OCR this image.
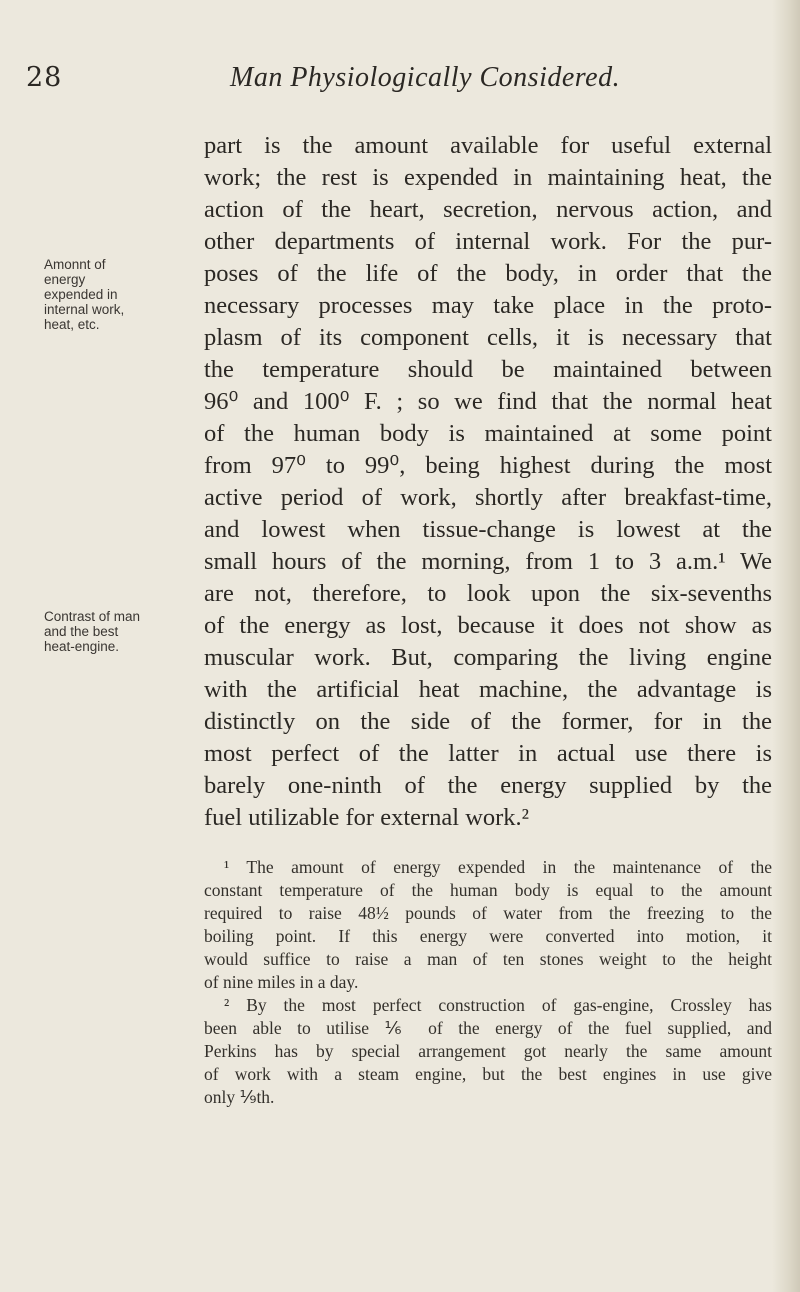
28	Man Physiologically Considered.
Amonnt of energy expended in internal work, heat, etc.
Contrast of man and the best heat-engine.
part is the amount available for useful external
work; the rest is expended in maintaining heat, the
action of the heart, secretion, nervous action, and
other departments of internal work. For the pur-
poses of the life of the body, in order that the
necessary processes may take place in the proto-
plasm of its component cells, it is necessary that
the temperature should be maintained between
96⁰ and 100⁰ F. ; so we find that the normal heat
of the human body is maintained at some point
from 97⁰ to 99⁰, being highest during the most
active period of work, shortly after breakfast-time,
and lowest when tissue-change is lowest at the
small hours of the morning, from 1 to 3 a.m.¹ We
are not, therefore, to look upon the six-sevenths
of the energy as lost, because it does not show as
muscular work. But, comparing the living engine
with the artificial heat machine, the advantage is
distinctly on the side of the former, for in the
most perfect of the latter in actual use there is
barely one-ninth of the energy supplied by the
fuel utilizable for external work.²
¹ The amount of energy expended in the maintenance of the
constant temperature of the human body is equal to the amount
required to raise 48½ pounds of water from the freezing to the
boiling point. If this energy were converted into motion, it
would suffice to raise a man of ten stones weight to the height
of nine miles in a day.
² By the most perfect construction of gas-engine, Crossley has
been able to utilise ⅙ of the energy of the fuel supplied, and
Perkins has by special arrangement got nearly the same amount
of work with a steam engine, but the best engines in use give
only ⅑th.
